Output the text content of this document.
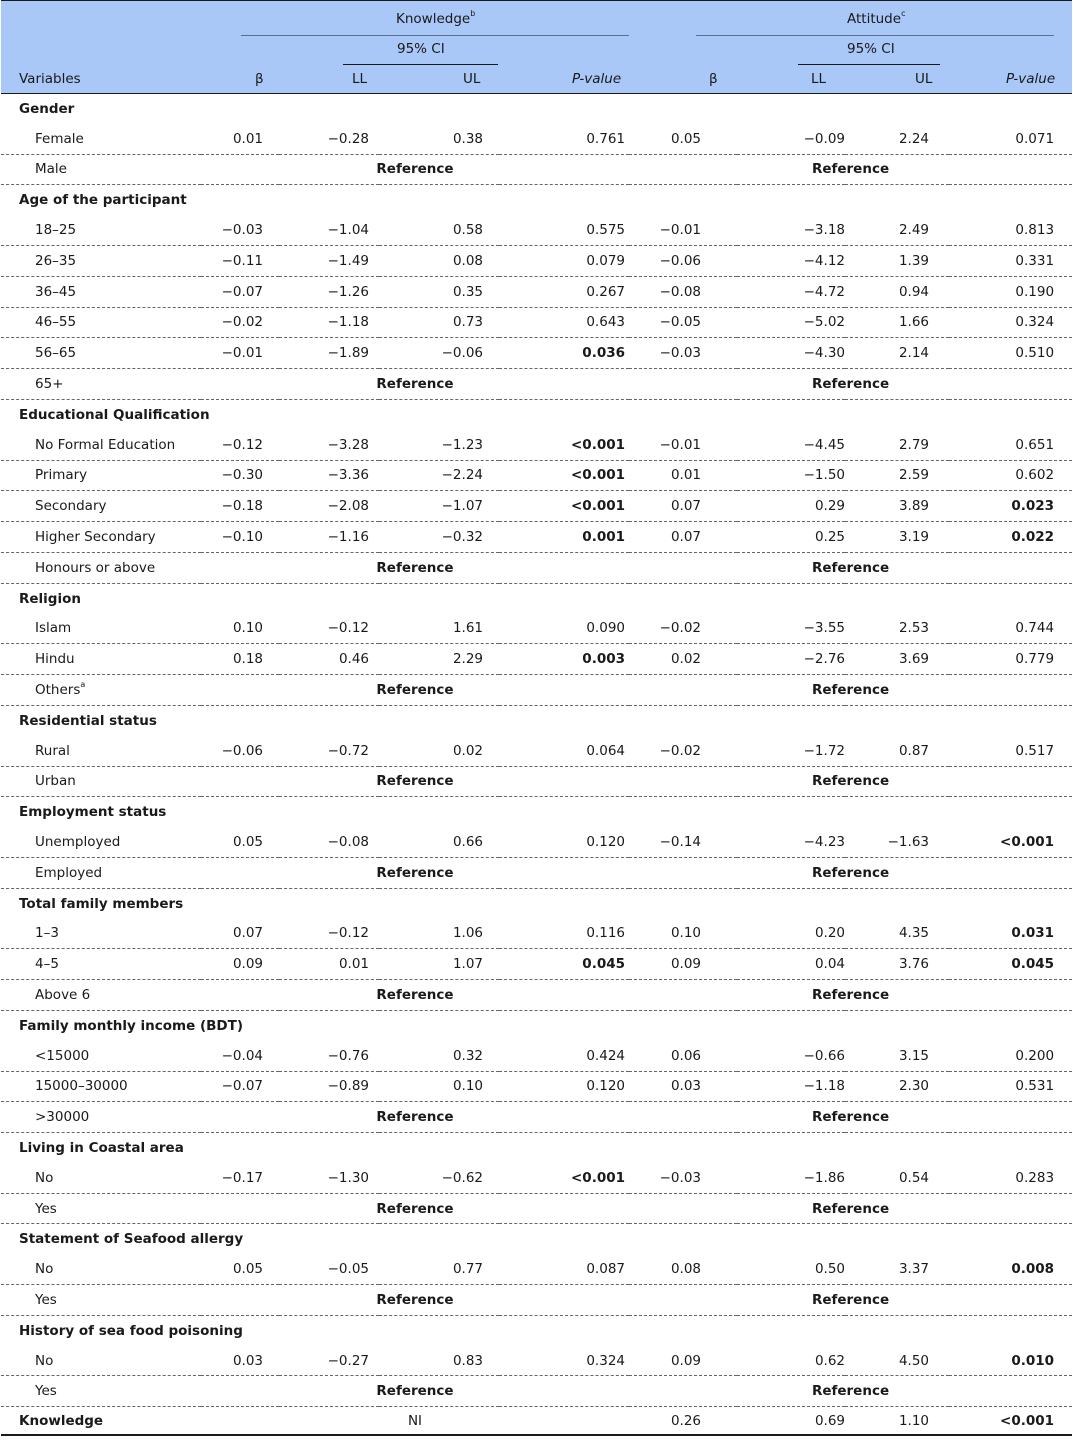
Knowledge$^b$	Attitude$^c$
95% CI	95% CI
Variables	β	LL	UL	P-value	β	LL	UL	P-value
Gender								
Female	0.01	−0.28	0.38	0.761	0.05	−0.09	2.24	0.071
Male	Reference				Reference			
Age of the participant								
18–25	−0.03	−1.04	0.58	0.575	−0.01	−3.18	2.49	0.813
26–35	−0.11	−1.49	0.08	0.079	−0.06	−4.12	1.39	0.331
36–45	−0.07	−1.26	0.35	0.267	−0.08	−4.72	0.94	0.190
46–55	−0.02	−1.18	0.73	0.643	−0.05	−5.02	1.66	0.324
56–65	−0.01	−1.89	−0.06	0.036	−0.03	−4.30	2.14	0.510
65+	Reference				Reference			
Educational Qualification								
No Formal Education	−0.12	−3.28	−1.23	<0.001	−0.01	−4.45	2.79	0.651
Primary	−0.30	−3.36	−2.24	<0.001	0.01	−1.50	2.59	0.602
Secondary	−0.18	−2.08	−1.07	<0.001	0.07	0.29	3.89	0.023
Higher Secondary	−0.10	−1.16	−0.32	0.001	0.07	0.25	3.19	0.022
Honours or above	Reference				Reference			
Religion								
Islam	0.10	−0.12	1.61	0.090	−0.02	−3.55	2.53	0.744
Hindu	0.18	0.46	2.29	0.003	0.02	−2.76	3.69	0.779
Others$^a$	Reference				Reference			
Residential status								
Rural	−0.06	−0.72	0.02	0.064	−0.02	−1.72	0.87	0.517
Urban	Reference				Reference			
Employment status								
Unemployed	0.05	−0.08	0.66	0.120	−0.14	−4.23	−1.63	<0.001
Employed	Reference				Reference			
Total family members								
1–3	0.07	−0.12	1.06	0.116	0.10	0.20	4.35	0.031
4–5	0.09	0.01	1.07	0.045	0.09	0.04	3.76	0.045
Above 6	Reference				Reference			
Family monthly income (BDT)								
<15000	−0.04	−0.76	0.32	0.424	0.06	−0.66	3.15	0.200
15000–30000	−0.07	−0.89	0.10	0.120	0.03	−1.18	2.30	0.531
>30000	Reference				Reference			
Living in Coastal area								
No	−0.17	−1.30	−0.62	<0.001	−0.03	−1.86	0.54	0.283
Yes	Reference				Reference			
Statement of Seafood allergy								
No	0.05	−0.05	0.77	0.087	0.08	0.50	3.37	0.008
Yes	Reference				Reference			
History of sea food poisoning								
No	0.03	−0.27	0.83	0.324	0.09	0.62	4.50	0.010
Yes	Reference				Reference			
Knowledge	NI				0.26	0.69	1.10	<0.001
